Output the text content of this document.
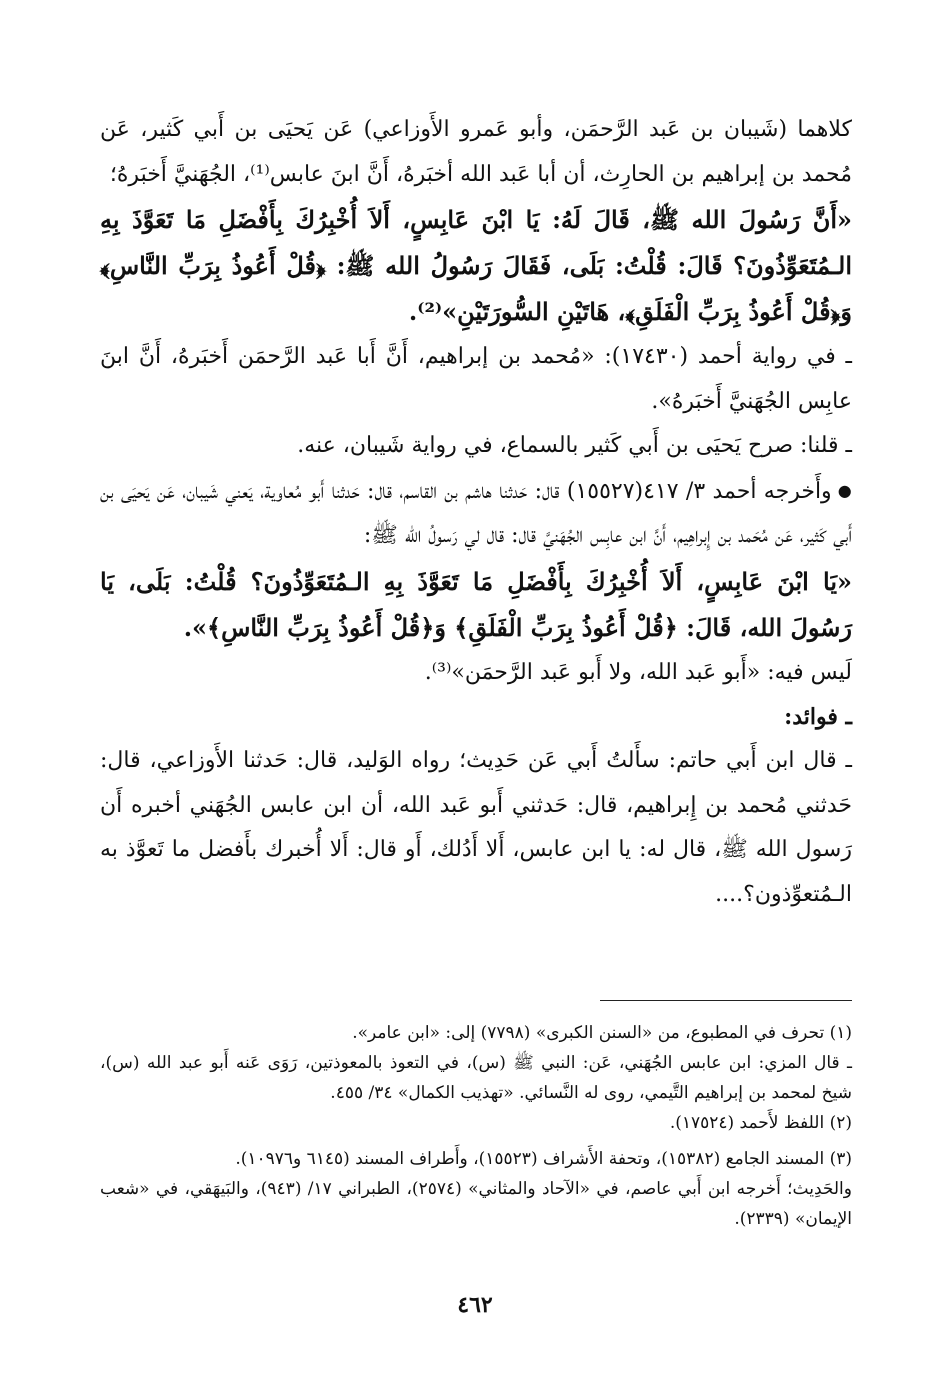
كلاهما (شَيبان بن عَبد الرَّحمَن، وأبو عَمرو الأَوزاعي) عَن يَحيَى بن أَبي كَثير، عَن مُحمد بن إبراهيم بن الحارِث، أن أبا عَبد الله أخبَرهُ، أَنَّ ابنَ عابس⁽¹⁾، الجُهَنيَّ أَخبَرهُ؛

«أَنَّ رَسُولَ الله ﷺ، قَالَ لَهُ: يَا ابْنَ عَابِسٍ، أَلاَ أُخْبِرُكَ بِأَفْضَلِ مَا تَعَوَّذَ بِهِ الـمُتَعَوِّذُونَ؟ قَالَ: قُلْتُ: بَلَى، فَقَالَ رَسُولُ الله ﷺ: ﴿قُلْ أَعُوذُ بِرَبِّ النَّاسِ﴾ وَ﴿قُلْ أَعُوذُ بِرَبِّ الْفَلَقِ﴾، هَاتَيْنِ السُّورَتَيْنِ»⁽²⁾.

ـ في رواية أحمد (١٧٤٣٠): «مُحمد بن إبراهيم، أَنَّ أَبا عَبد الرَّحمَن أَخبَرهُ، أَنَّ ابنَ عابِس الجُهَنيَّ أَخبَرهُ».

ـ قلنا: صرح يَحيَى بن أَبي كَثير بالسماع، في رواية شَيبان، عنه.

●وأَخرجه أحمد ٣/ ٤١٧(١٥٥٢٧) قال: حَدثنا هاشم بن القاسم، قال: حَدثنا أَبو مُعاوية، يَعني شَيبان، عَن يَحيَى بن أَبي كَثير، عَن مُحَمد بن إِبراهِيم، أَنَّ ابن عابِس الجُهَنيَّ قال: قال لي رَسولُ الله ﷺ:

«يَا ابْنَ عَابِسٍ، أَلاَ أُخْبِرُكَ بِأَفْضَلِ مَا تَعَوَّذَ بِهِ الـمُتَعَوِّذُونَ؟ قُلْتُ: بَلَى، يَا رَسُولَ الله، قَالَ: ﴿قُلْ أَعُوذُ بِرَبِّ الْفَلَقِ﴾ وَ﴿قُلْ أَعُوذُ بِرَبِّ النَّاسِ﴾».

لَيس فيه: «أَبو عَبد الله، ولا أَبو عَبد الرَّحمَن»⁽³⁾.

ـ فوائد:

ـ قال ابن أَبي حاتم: سأَلتُ أَبي عَن حَدِيث؛ رواه الوَليد، قال: حَدثنا الأَوزاعي، قال: حَدثني مُحمد بن إِبراهيم، قال: حَدثني أَبو عَبد الله، أن ابن عابس الجُهَني أخبره أَن رَسول الله ﷺ، قال له: يا ابن عابس، أَلا أَدُلك، أَو قال: أَلا أُخبرك بأَفضل ما تَعوَّذ به الـمُتعوِّذون؟....

(١) تحرف في المطبوع، من «السنن الكبرى» (٧٧٩٨) إلى: «ابن عامر».

ـ قال المزي: ابن عابس الجُهَني، عَن: النبي ﷺ (س)، في التعوذ بالمعوذتين، رَوَى عَنه أَبو عبد الله (س)، شيخ لمحمد بن إبراهيم التَّيمي، روى له النَّسائي. «تهذيب الكمال» ٣٤/ ٤٥٥.

(٢) اللفظ لأَحمد (١٧٥٢٤).

(٣) المسند الجامع (١٥٣٨٢)، وتحفة الأَشراف (١٥٥٢٣)، وأَطراف المسند (٦١٤٥ و١٠٩٧٦).

والحَدِيث؛ أَخرجه ابن أَبي عاصم، في «الآحاد والمثاني» (٢٥٧٤)، الطبراني ١٧/ (٩٤٣)، والبَيهَقي، في «شعب الإيمان» (٢٣٣٩).

٤٦٢
